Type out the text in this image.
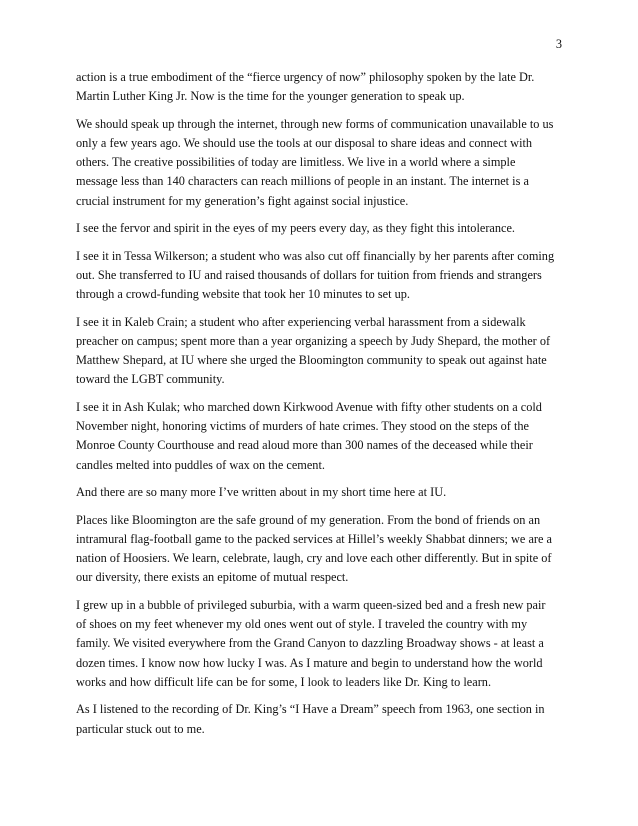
3

action is a true embodiment of the “fierce urgency of now” philosophy spoken by the late Dr.
Martin Luther King Jr. Now is the time for the younger generation to speak up.

We should speak up through the internet, through new forms of communication unavailable to us
only a few years ago. We should use the tools at our disposal to share ideas and connect with
others. The creative possibilities of today are limitless. We live in a world where a simple
message less than 140 characters can reach millions of people in an instant. The internet is a
crucial instrument for my generation’s fight against social injustice.

I see the fervor and spirit in the eyes of my peers every day, as they fight this intolerance.

I see it in Tessa Wilkerson; a student who was also cut off financially by her parents after coming
out. She transferred to IU and raised thousands of dollars for tuition from friends and strangers
through a crowd-funding website that took her 10 minutes to set up.

I see it in Kaleb Crain; a student who after experiencing verbal harassment from a sidewalk
preacher on campus; spent more than a year organizing a speech by Judy Shepard, the mother of
Matthew Shepard, at IU where she urged the Bloomington community to speak out against hate
toward the LGBT community.

I see it in Ash Kulak; who marched down Kirkwood Avenue with fifty other students on a cold
November night, honoring victims of murders of hate crimes. They stood on the steps of the
Monroe County Courthouse and read aloud more than 300 names of the deceased while their
candles melted into puddles of wax on the cement.

And there are so many more I’ve written about in my short time here at IU.

Places like Bloomington are the safe ground of my generation. From the bond of friends on an
intramural flag-football game to the packed services at Hillel’s weekly Shabbat dinners; we are a
nation of Hoosiers. We learn, celebrate, laugh, cry and love each other differently. But in spite of
our diversity, there exists an epitome of mutual respect.

I grew up in a bubble of privileged suburbia, with a warm queen-sized bed and a fresh new pair
of shoes on my feet whenever my old ones went out of style. I traveled the country with my
family. We visited everywhere from the Grand Canyon to dazzling Broadway shows - at least a
dozen times. I know now how lucky I was. As I mature and begin to understand how the world
works and how difficult life can be for some, I look to leaders like Dr. King to learn.

As I listened to the recording of Dr. King’s “I Have a Dream” speech from 1963, one section in
particular stuck out to me.
